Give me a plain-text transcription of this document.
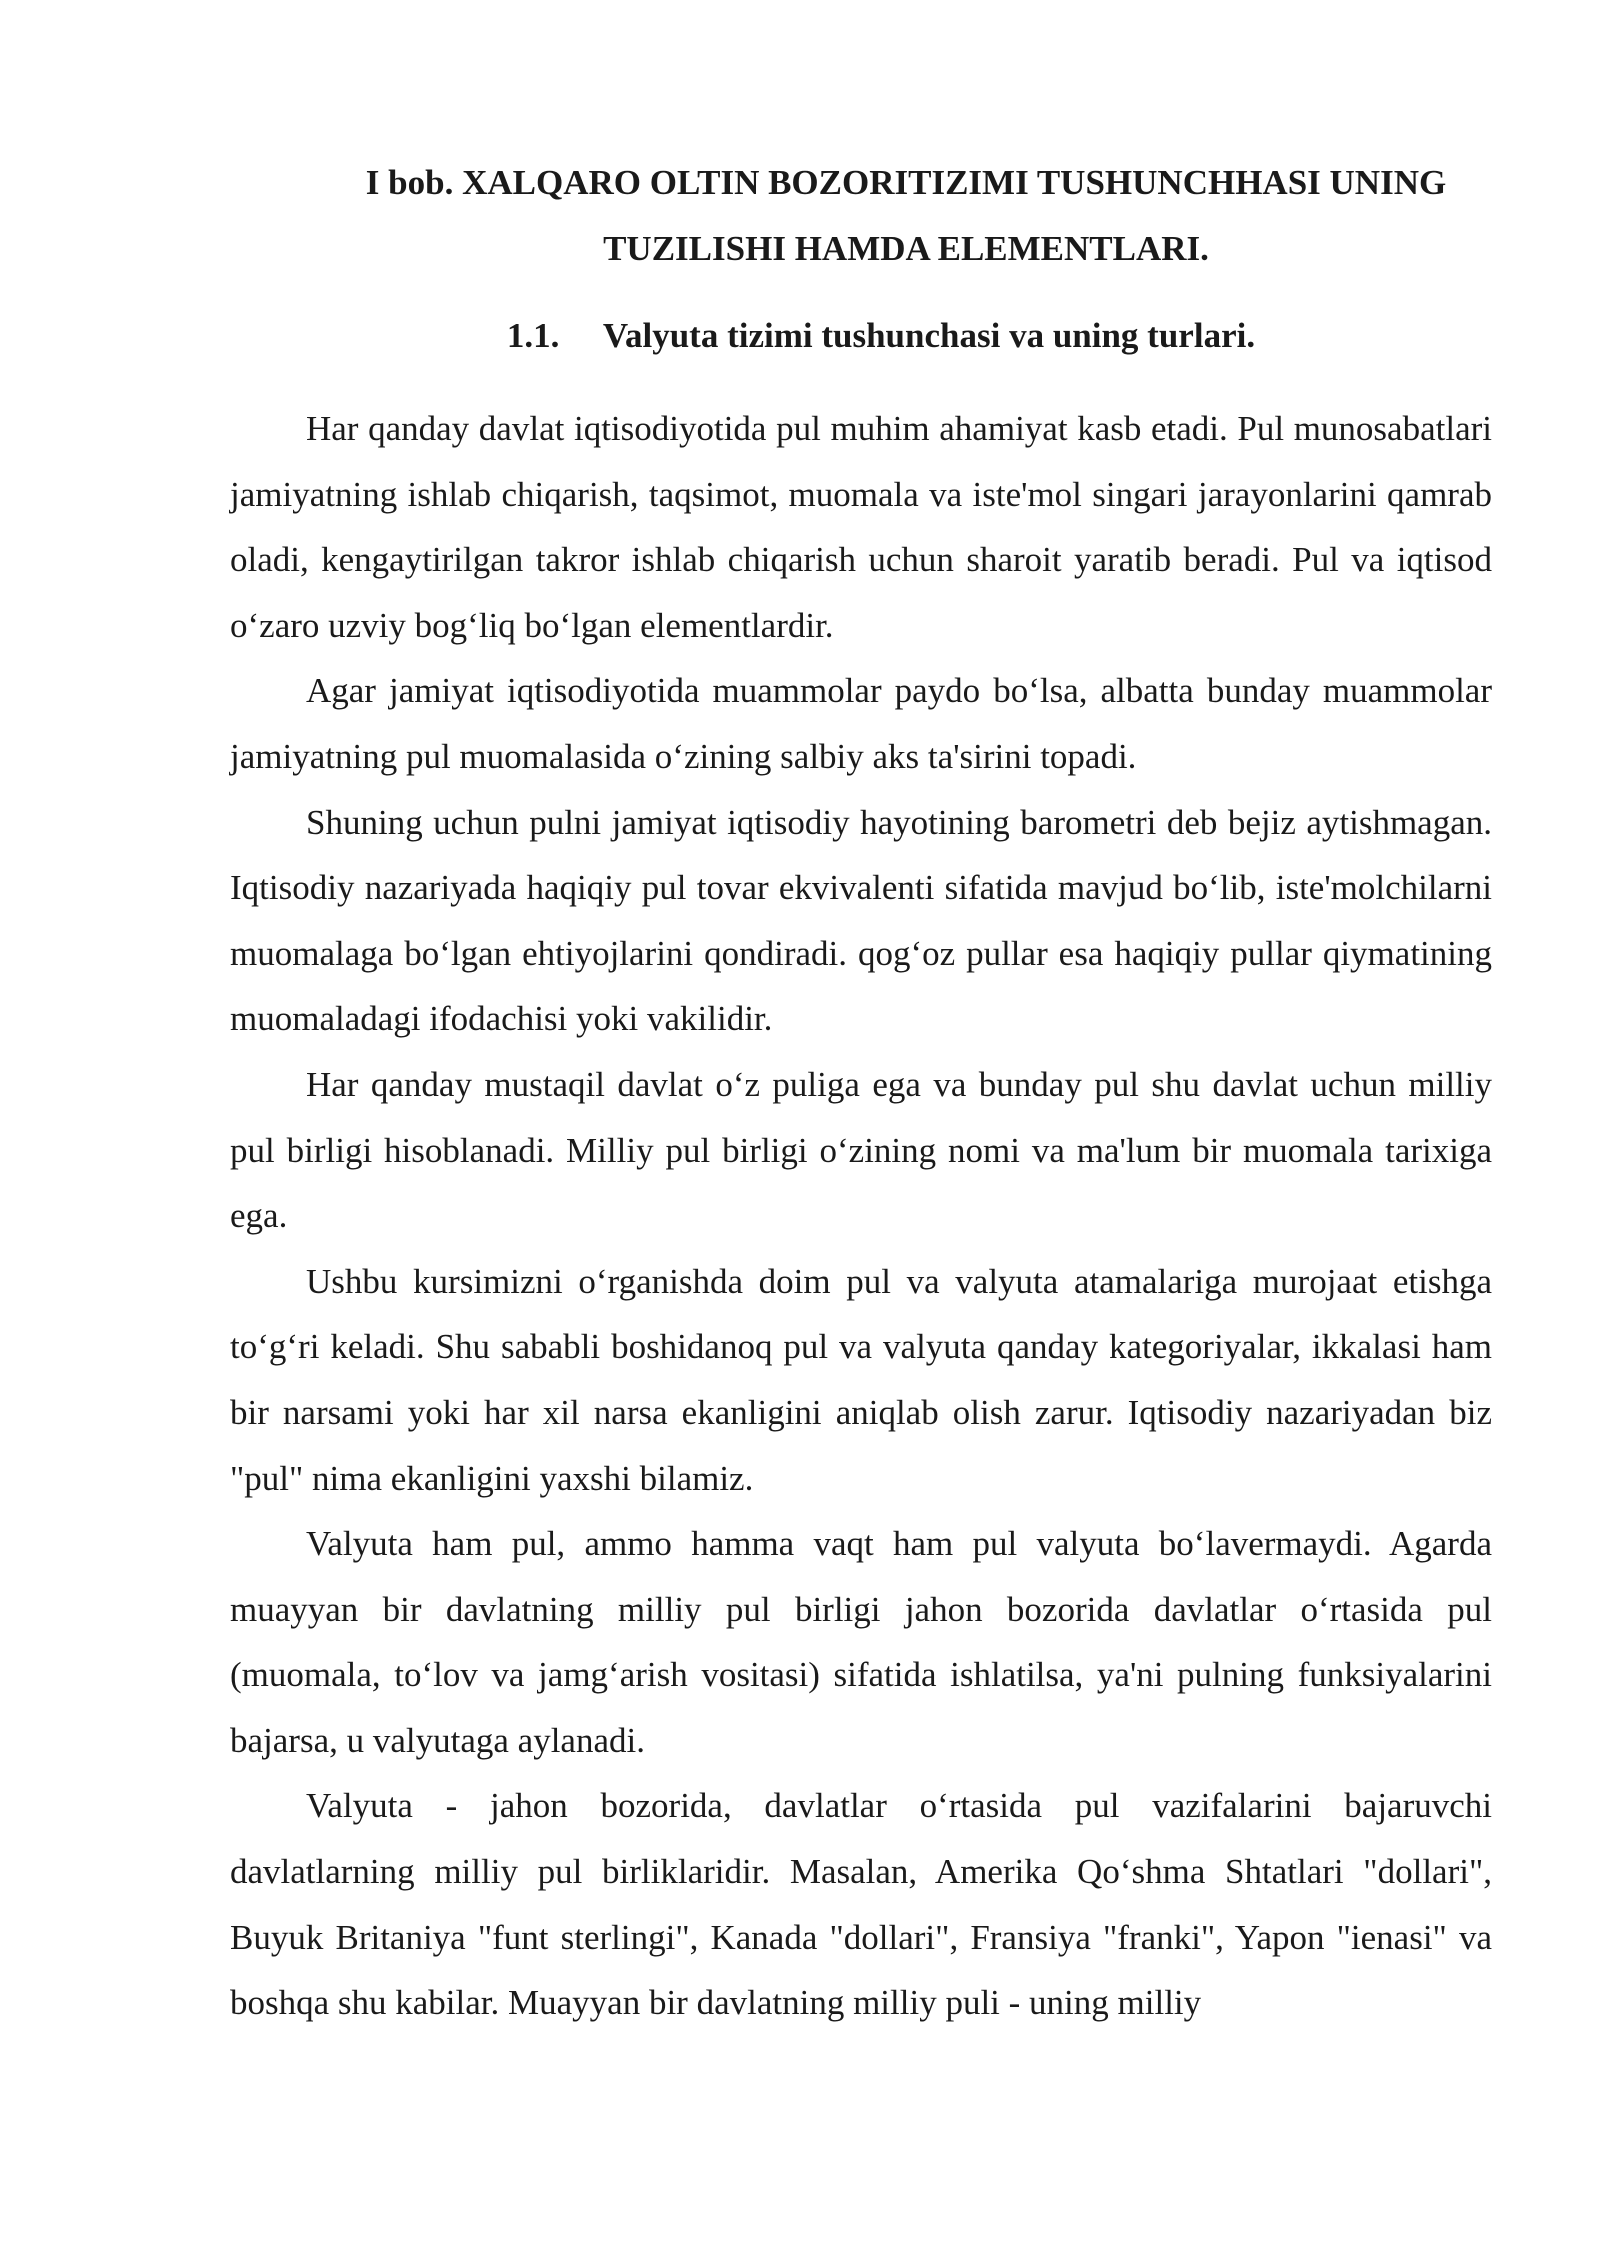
I bob. XALQARO OLTIN BOZORITIZIMI TUSHUNCHHASI UNING
TUZILISHI HAMDA ELEMENTLARI.
1.1. Valyuta tizimi tushunchasi va uning turlari.

Har qanday davlat iqtisodiyotida pul muhim ahamiyat kasb etadi. Pul munosabatlari jamiyatning ishlab chiqarish, taqsimot, muomala va iste'mol singari jarayonlarini qamrab oladi, kengaytirilgan takror ishlab chiqarish uchun sharoit yaratib beradi. Pul va iqtisod o‘zaro uzviy bog‘liq bo‘lgan elementlardir.

Agar jamiyat iqtisodiyotida muammolar paydo bo‘lsa, albatta bunday muammolar jamiyatning pul muomalasida o‘zining salbiy aks ta'sirini topadi.

Shuning uchun pulni jamiyat iqtisodiy hayotining barometri deb bejiz aytishmagan. Iqtisodiy nazariyada haqiqiy pul tovar ekvivalenti sifatida mavjud bo‘lib, iste'molchilarni muomalaga bo‘lgan ehtiyojlarini qondiradi. qog‘oz pullar esa haqiqiy pullar qiymatining muomaladagi ifodachisi yoki vakilidir.

Har qanday mustaqil davlat o‘z puliga ega va bunday pul shu davlat uchun milliy pul birligi hisoblanadi. Milliy pul birligi o‘zining nomi va ma'lum bir muomala tarixiga ega.

Ushbu kursimizni o‘rganishda doim pul va valyuta atamalariga murojaat etishga to‘g‘ri keladi. Shu sababli boshidanoq pul va valyuta qanday kategoriyalar, ikkalasi ham bir narsami yoki har xil narsa ekanligini aniqlab olish zarur. Iqtisodiy nazariyadan biz "pul" nima ekanligini yaxshi bilamiz.

Valyuta ham pul, ammo hamma vaqt ham pul valyuta bo‘lavermaydi. Agarda muayyan bir davlatning milliy pul birligi jahon bozorida davlatlar o‘rtasida pul (muomala, to‘lov va jamg‘arish vositasi) sifatida ishlatilsa, ya'ni pulning funksiyalarini bajarsa, u valyutaga aylanadi.

Valyuta - jahon bozorida, davlatlar o‘rtasida pul vazifalarini bajaruvchi davlatlarning milliy pul birliklaridir. Masalan, Amerika Qo‘shma Shtatlari "dollari", Buyuk Britaniya "funt sterlingi", Kanada "dollari", Fransiya "franki", Yapon "ienasi" va boshqa shu kabilar. Muayyan bir davlatning milliy puli - uning milliy
